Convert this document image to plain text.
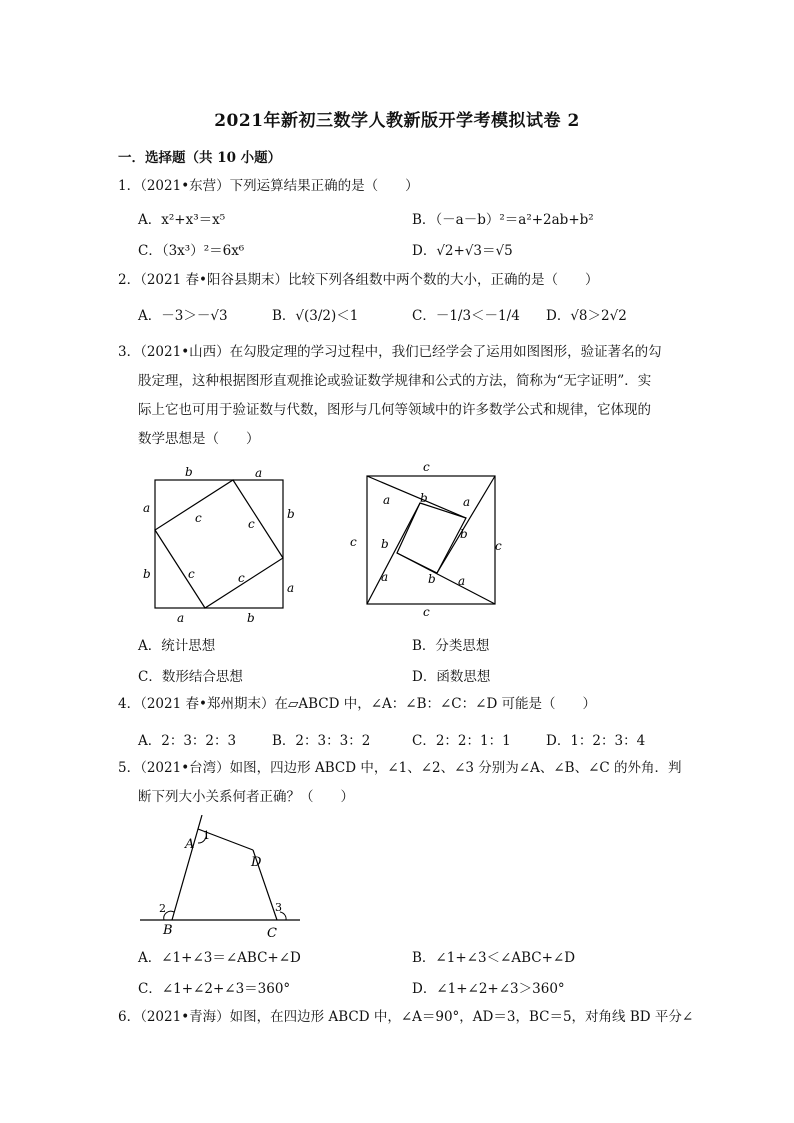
2021年新初三数学人教新版开学考模拟试卷 2
一．选择题（共 10 小题）
1．（2021•东营）下列运算结果正确的是（　　）
A．x²+x³＝x⁵	B．（－a－b）²＝a²+2ab+b²
C．（3x³）²＝6x⁶	D．√2+√3＝√5
2．（2021 春•阳谷县期末）比较下列各组数中两个数的大小，正确的是（　　）
A．－3＞－√3	B．√(3/2)＜1	C．－1/3＜－1/4 D．√8＞2√2
3．（2021•山西）在勾股定理的学习过程中，我们已经学会了运用如图图形，验证著名的勾
股定理，这种根据图形直观推论或验证数学规律和公式的方法，简称为“无字证明”．实
际上它也可用于验证数与代数，图形与几何等领域中的许多数学公式和规律，它体现的
数学思想是（　　）
b	a
a
b
b
a
a	b
c	c
c	c
c
c
c	c
a b	a
b
b
a	b a
A．统计思想	B．分类思想
C．数形结合思想	D．函数思想
4．（2021 春•郑州期末）在▱ABCD 中，∠A：∠B：∠C：∠D 可能是（　　）
A．2：3：2：3	B．2：3：3：2	C．2：2：1：1	D．1：2：3：4
5．（2021•台湾）如图，四边形 ABCD 中，∠1、∠2、∠3 分别为∠A、∠B、∠C 的外角．判
断下列大小关系何者正确？（　　）
A
B	C
D
1
2	3
A．∠1+∠3＝∠ABC+∠D	B．∠1+∠3＜∠ABC+∠D
C．∠1+∠2+∠3＝360°	D．∠1+∠2+∠3＞360°
6．（2021•青海）如图，在四边形 ABCD 中，∠A＝90°，AD＝3，BC＝5，对角线 BD 平分∠
